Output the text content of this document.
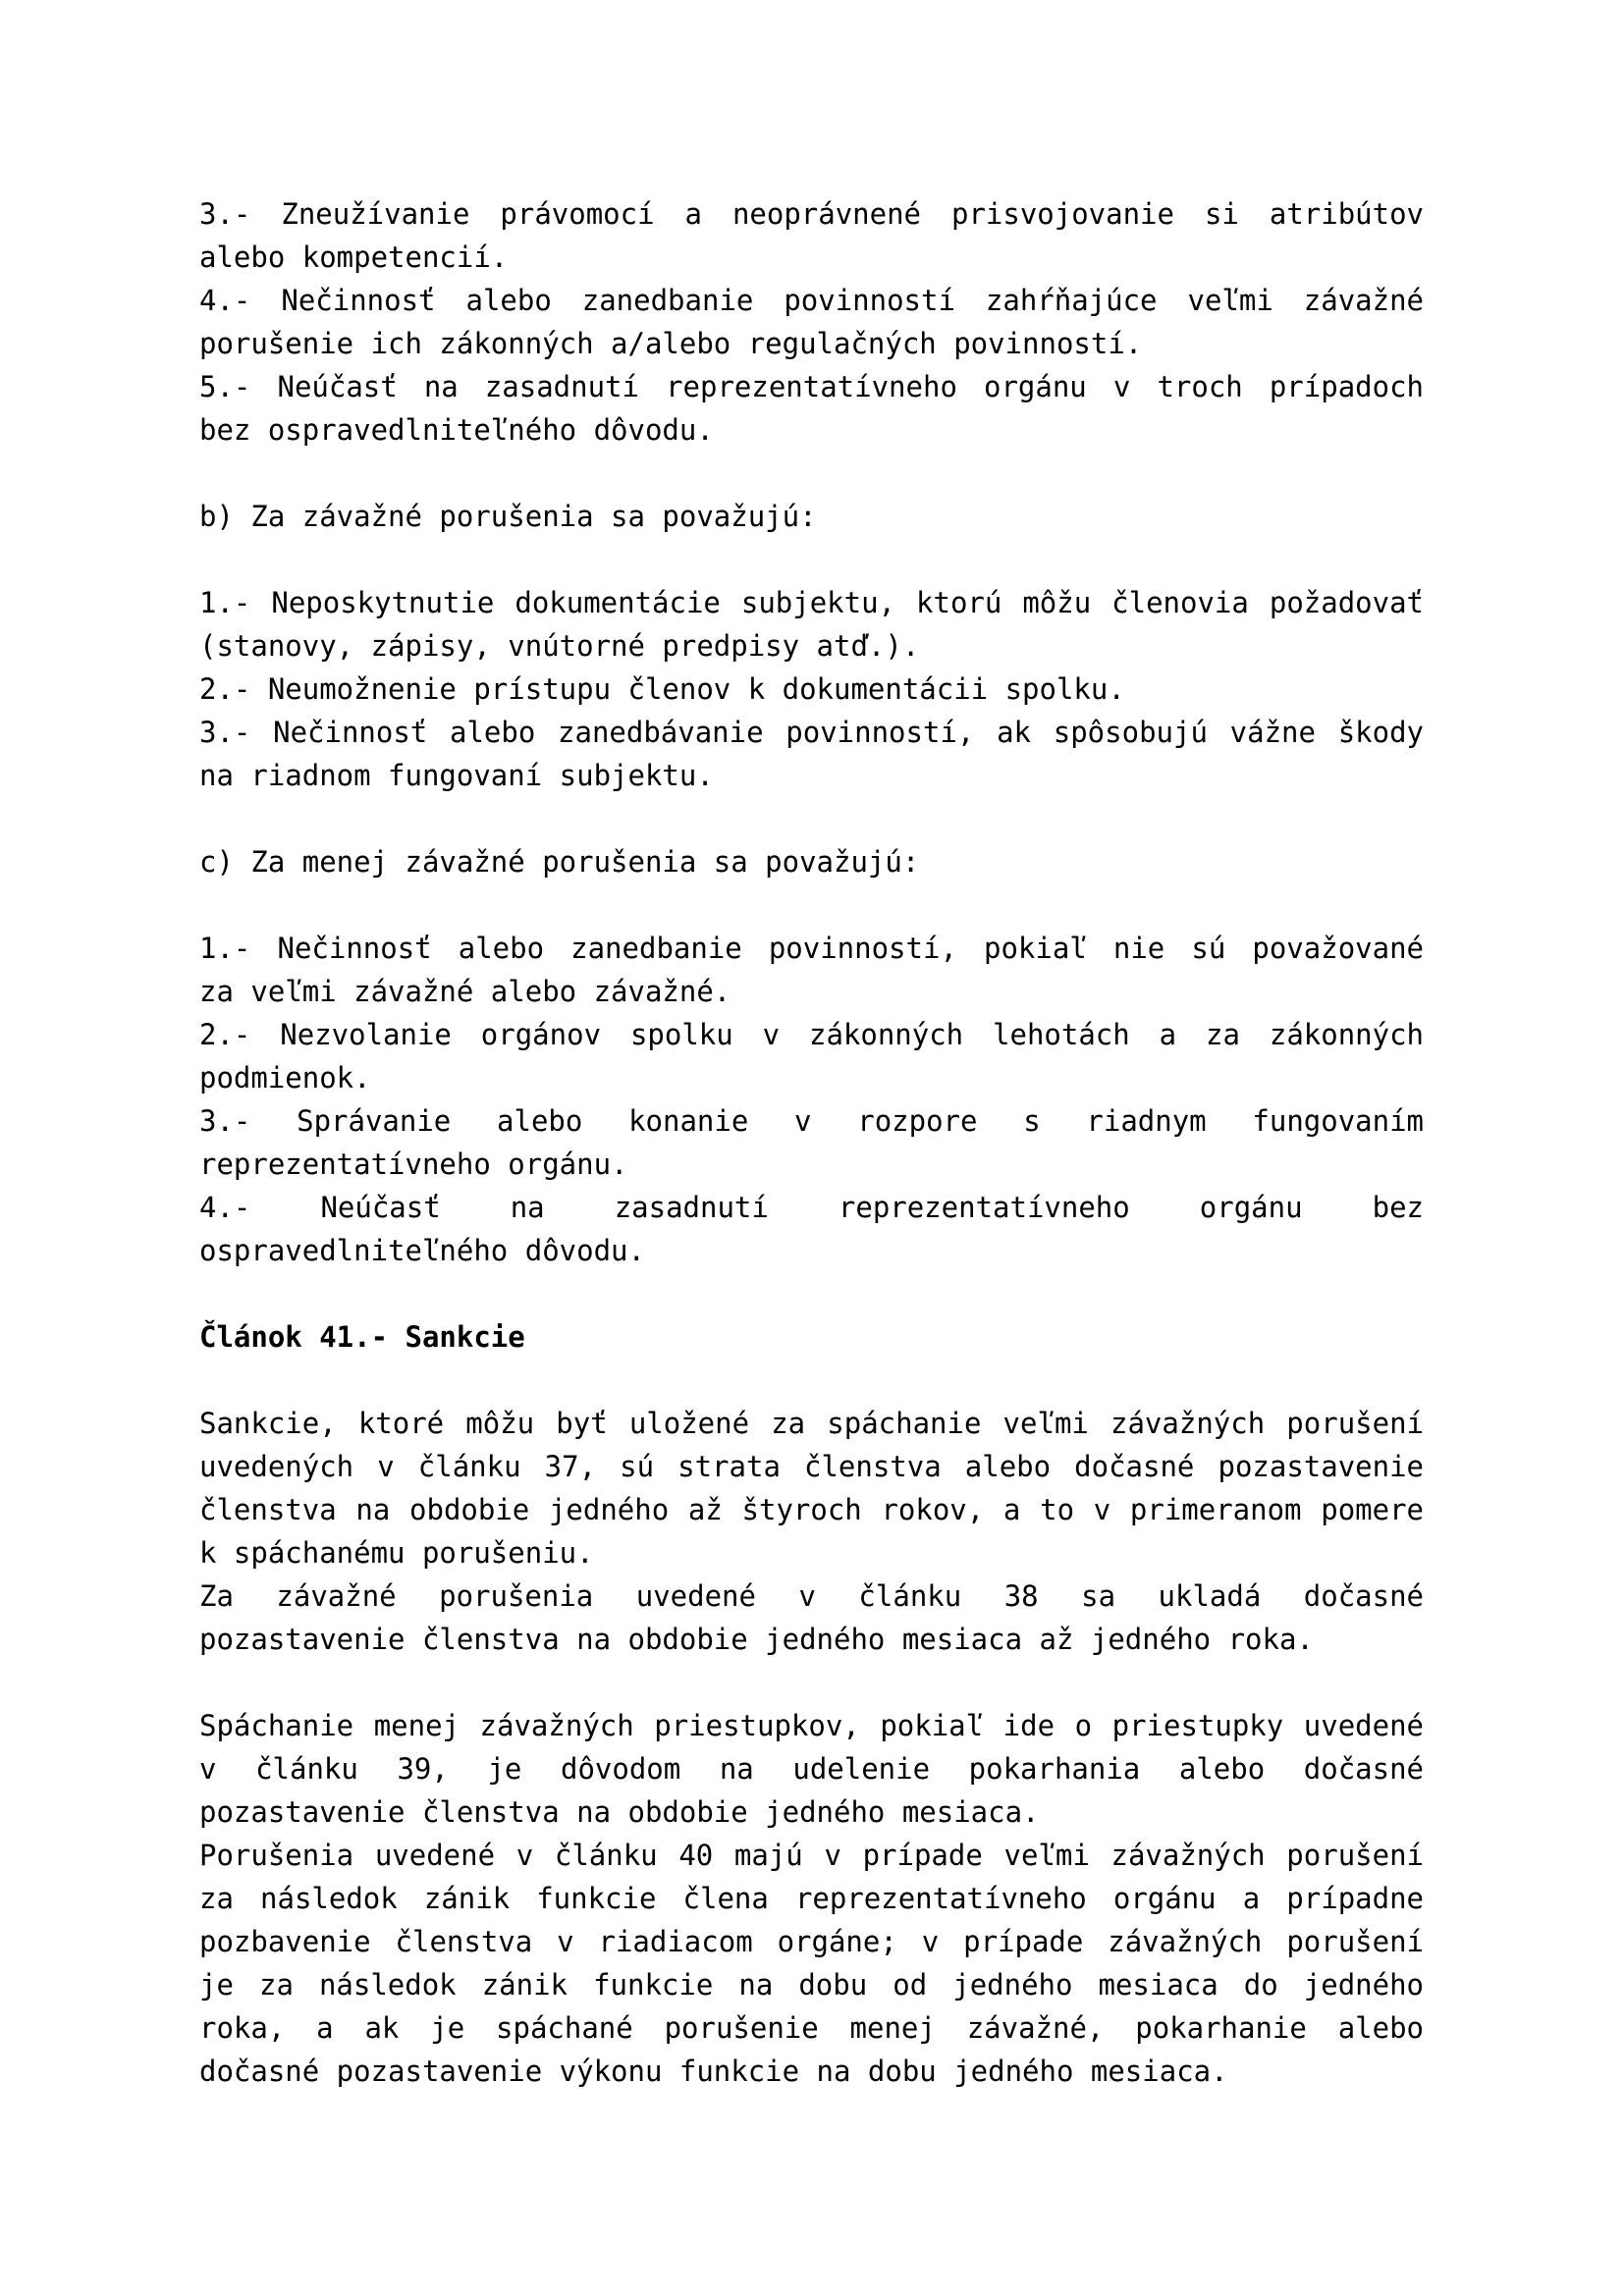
3.- Zneužívanie právomocí a neoprávnené prisvojovanie si atribútov
alebo kompetencií.
4.- Nečinnosť alebo zanedbanie povinností zahŕňajúce veľmi závažné
porušenie ich zákonných a/alebo regulačných povinností.
5.- Neúčasť na zasadnutí reprezentatívneho orgánu v troch prípadoch
bez ospravedlniteľného dôvodu.
b) Za závažné porušenia sa považujú:
1.- Neposkytnutie dokumentácie subjektu, ktorú môžu členovia požadovať
(stanovy, zápisy, vnútorné predpisy atď.).
2.- Neumožnenie prístupu členov k dokumentácii spolku.
3.- Nečinnosť alebo zanedbávanie povinností, ak spôsobujú vážne škody
na riadnom fungovaní subjektu.
c) Za menej závažné porušenia sa považujú:
1.- Nečinnosť alebo zanedbanie povinností, pokiaľ nie sú považované
za veľmi závažné alebo závažné.
2.- Nezvolanie orgánov spolku v zákonných lehotách a za zákonných
podmienok.
3.- Správanie alebo konanie v rozpore s riadnym fungovaním
reprezentatívneho orgánu.
4.- Neúčasť na zasadnutí reprezentatívneho orgánu bez
ospravedlniteľného dôvodu.
Článok 41.- Sankcie
Sankcie, ktoré môžu byť uložené za spáchanie veľmi závažných porušení
uvedených v článku 37, sú strata členstva alebo dočasné pozastavenie
členstva na obdobie jedného až štyroch rokov, a to v primeranom pomere
k spáchanému porušeniu.
Za závažné porušenia uvedené v článku 38 sa ukladá dočasné
pozastavenie členstva na obdobie jedného mesiaca až jedného roka.
Spáchanie menej závažných priestupkov, pokiaľ ide o priestupky uvedené
v článku 39, je dôvodom na udelenie pokarhania alebo dočasné
pozastavenie členstva na obdobie jedného mesiaca.
Porušenia uvedené v článku 40 majú v prípade veľmi závažných porušení
za následok zánik funkcie člena reprezentatívneho orgánu a prípadne
pozbavenie členstva v riadiacom orgáne; v prípade závažných porušení
je za následok zánik funkcie na dobu od jedného mesiaca do jedného
roka, a ak je spáchané porušenie menej závažné, pokarhanie alebo
dočasné pozastavenie výkonu funkcie na dobu jedného mesiaca.
